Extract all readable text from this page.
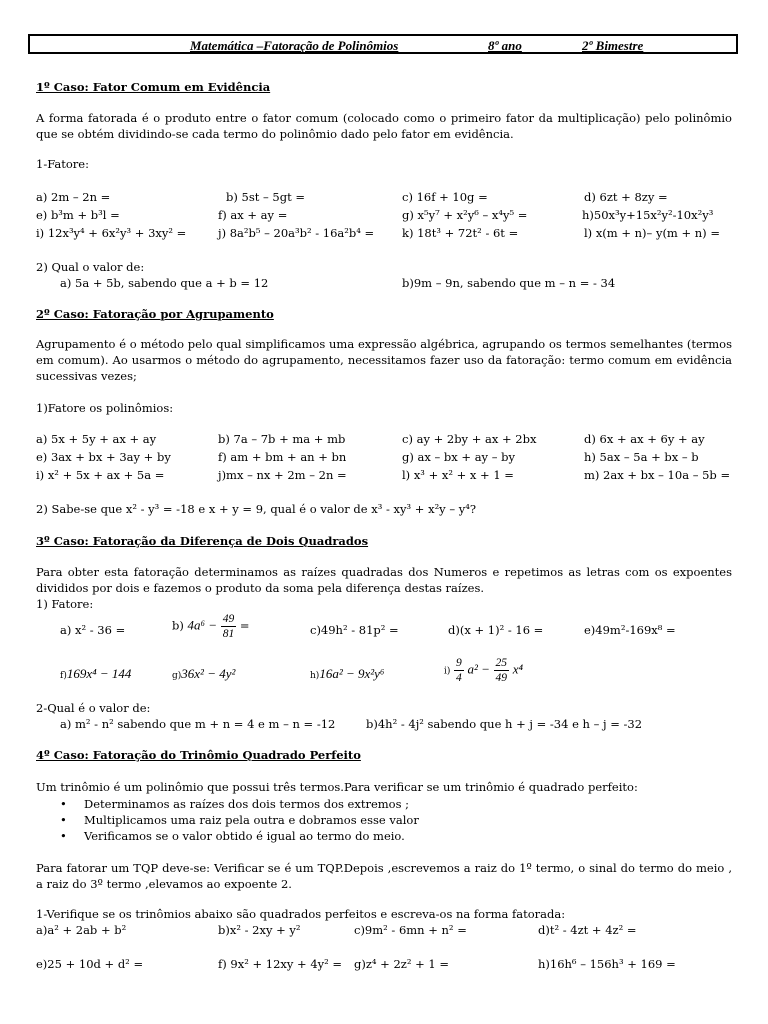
Matemática –Fatoração de Polinômios	8º ano	2º Bimestre
1º Caso: Fator Comum em Evidência
A forma fatorada é o produto entre o fator comum (colocado como o primeiro fator da multiplicação) pelo polinômio que se obtém dividindo-se cada termo do polinômio dado pelo fator em evidência.
1-Fatore:
a) 2m – 2n =	b) 5st – 5gt =	c) 16f + 10g =	d) 6zt + 8zy =
e) b³m + b³l =	f) ax + ay =	g) x⁵y⁷ + x²y⁶ – x⁴y⁵ =	h)50x³y+15x²y²-10x²y³
i) 12x³y⁴ + 6x²y³ + 3xy² =	j) 8a²b⁵ – 20a³b² - 16a²b⁴ = k) 18t³ + 72t² - 6t =	l) x(m + n)– y(m + n) =
2) Qual o valor de:
a) 5a + 5b, sabendo que a + b = 12	b)9m – 9n, sabendo que m – n = - 34
2º Caso: Fatoração por Agrupamento
Agrupamento é o método pelo qual simplificamos uma expressão algébrica, agrupando os termos semelhantes (termos em comum). Ao usarmos o método do agrupamento, necessitamos fazer uso da fatoração: termo comum em evidência sucessivas vezes;
1)Fatore os polinômios:
a) 5x + 5y + ax + ay	b) 7a – 7b + ma + mb	c) ay + 2by + ax + 2bx	d) 6x + ax + 6y + ay
e) 3ax + bx + 3ay + by	f) am + bm + an + bn	g) ax – bx + ay – by	h) 5ax – 5a + bx – b
i) x² + 5x + ax + 5a =	j)mx – nx + 2m – 2n =	l) x³ + x² + x + 1 =	m) 2ax + bx – 10a – 5b =
2) Sabe-se que x² - y³ = -18 e x + y = 9, qual é o valor de x³ - xy³ + x²y – y⁴?
3º Caso: Fatoração da Diferença de Dois Quadrados
Para obter esta fatoração determinamos as raízes quadradas dos Numeros e repetimos as letras com os expoentes divididos por dois e fazemos o produto da soma pela diferença destas raízes.
1) Fatore:
a) x² - 36 =	b) $4a^6 - \frac{49}{81}$ =	c)49h² - 81p² =	d)(x + 1)² - 16 =	e)49m²-169x⁸ =
f)169x⁴ − 144	g)36x² − 4y²	h)16a² − 9x²y⁶	$i) \frac{9}{4} a^2 - \frac{25}{49} x^4$
2-Qual é o valor de:
a) m² - n² sabendo que m + n = 4 e m – n = -12	b)4h² - 4j² sabendo que h + j = -34 e h – j = -32
4º Caso: Fatoração do Trinômio Quadrado Perfeito
Um trinômio é um polinômio que possui três termos.Para verificar se um trinômio é quadrado perfeito:
• Determinamos as raízes dos dois termos dos extremos ;
• Multiplicamos uma raiz pela outra e dobramos esse valor
• Verificamos se o valor obtido é igual ao termo do meio.
Para fatorar um TQP deve-se: Verificar se é um TQP.Depois ,escrevemos a raiz do 1º termo, o sinal do termo do meio , a raiz do 3º termo ,elevamos ao expoente 2.
1-Verifique se os trinômios abaixo são quadrados perfeitos e escreva-os na forma fatorada:
a)a² + 2ab + b²	b)x² - 2xy + y²	c)9m² - 6mn + n² =	d)t² - 4zt + 4z² =
e)25 + 10d + d² =	f) 9x² + 12xy + 4y² = g)z⁴ + 2z² + 1 =	h)16h⁶ – 156h³ + 169 =
